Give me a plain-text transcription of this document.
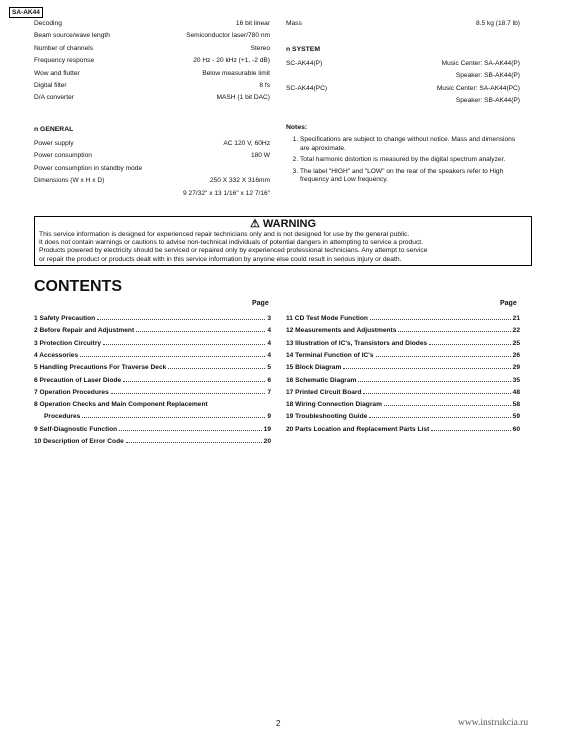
SA-AK44
Decoding	16 bit linear
Beam source/wave length	Semiconductor laser/780 nm
Number of channels	Stereo
Frequency response	20 Hz - 20 kHz (+1, -2 dB)
Wow and flutter	Below measurable limit
Digital filter	8 fs
D/A converter	MASH (1 bit DAC)
n GENERAL
Power supply	AC 120 V, 60Hz
Power consumption	180 W
Power consumption in standby mode
Dimensions (W x H x D)	250 X 332 X 316mm
9 27/32" x 13 1/16" x 12 7/16"
Mass	8.5 kg (18.7 lb)
n SYSTEM
SC-AK44(P)	Music Center: SA-AK44(P)
Speaker: SB-AK44(P)
SC-AK44(PC)	Music Center: SA-AK44(PC)
Speaker: SB-AK44(P)
Notes:
1. Specifications are subject to change without notice. Mass and dimensions are aproximate.
2. Total harmonic distortion is measured by the digital spectrum analyzer.
3. The label "HIGH" and "LOW" on the rear of the speakers refer to High frequency and Low frequency.
⚠ WARNING
This service information is designed for experienced repair technicians only and is not designed for use by the general public.
It does not contain warnings or cautions to advise non-technical individuals of potential dangers in attempting to service a product.
Products powered by electricity should be serviced or repaired only by experienced professional technicians. Any attempt to service
or repair the product or products dealt with in this service information by anyone else could result in serious injury or death.
CONTENTS
Page	Page
1 Safety Precaution	3
2 Before Repair and Adjustment	4
3 Protection Circuitry	4
4 Accessories	4
5 Handling Precautions For Traverse Deck	5
6 Precaution of Laser Diode	6
7 Operation Procedures	7
8 Operation Checks and Main Component Replacement
Procedures	9
9 Self-Diagnostic Function	19
10 Description of Error Code	20
11 CD Test Mode Function	21
12 Measurements and Adjustments	22
13 Illustration of IC's, Transistors and Diodes	25
14 Terminal Function of IC's	26
15 Block Diagram	29
16 Schematic Diagram	35
17 Printed Circuit Board	48
18 Wiring Connection Diagram	58
19 Troubleshooting Guide	59
20 Parts Location and Replacement Parts List	60
2	www.instrukcia.ru
